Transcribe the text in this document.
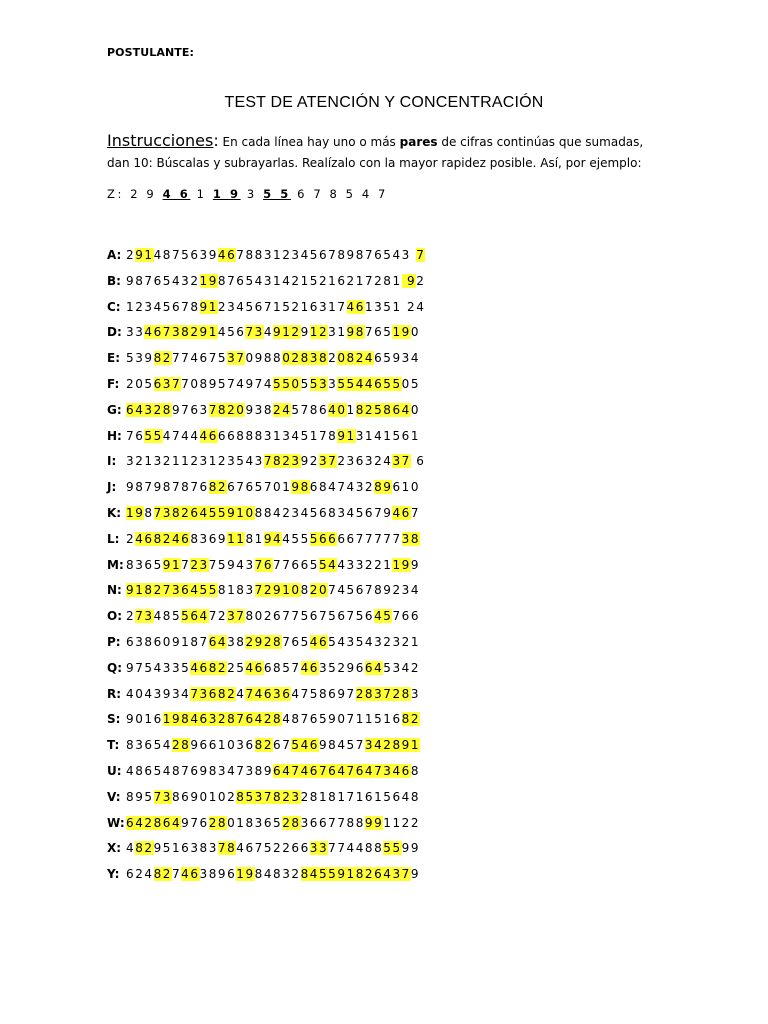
POSTULANTE:
TEST DE ATENCIÓN Y CONCENTRACIÓN
Instrucciones: En cada línea hay uno o más pares de cifras continúas que sumadas, dan 10: Búscalas y subrayarlas. Realízalo con la mayor rapidez posible. Así, por ejemplo:
Z: 2 9 4 6 1 1 9 3 5 5 6 7 8 5 4 7
A: 2914875639467883123456789876543 7
B: 987654321987654314215216217281 92
C: 123456789123456715216317461351 24
D: 33467382914567349129123198765190
E: 53982774675370988028382082465934
F: 20563770895749745505533554465505
G: 64328976378209382457864018258640
H: 76554744466688831345178913141561
I: 3213211231235437823923723632437 6
J: 98798787682676570198684743289610
K: 19873826455910884234568345679467
L: 24682468369118194455566667777738
M: 83659172375943767766554433221199
N: 91827364558183729108207456789234
O: 27348556472378026775675675645766
P: 63860918764382928765465435432321
Q: 97543354682254668574635296645342
R: 40439347368247463647586972837283
S: 90161984632876428487659071151682
T: 83654289661036826754698457342891
U: 48654876983473896474676476473468
V: 89573869010285378232818171615648
W: 64286497628018365283667788991122
X: 48295163837846752266337744885599
Y: 62482746389619848328455918264379
